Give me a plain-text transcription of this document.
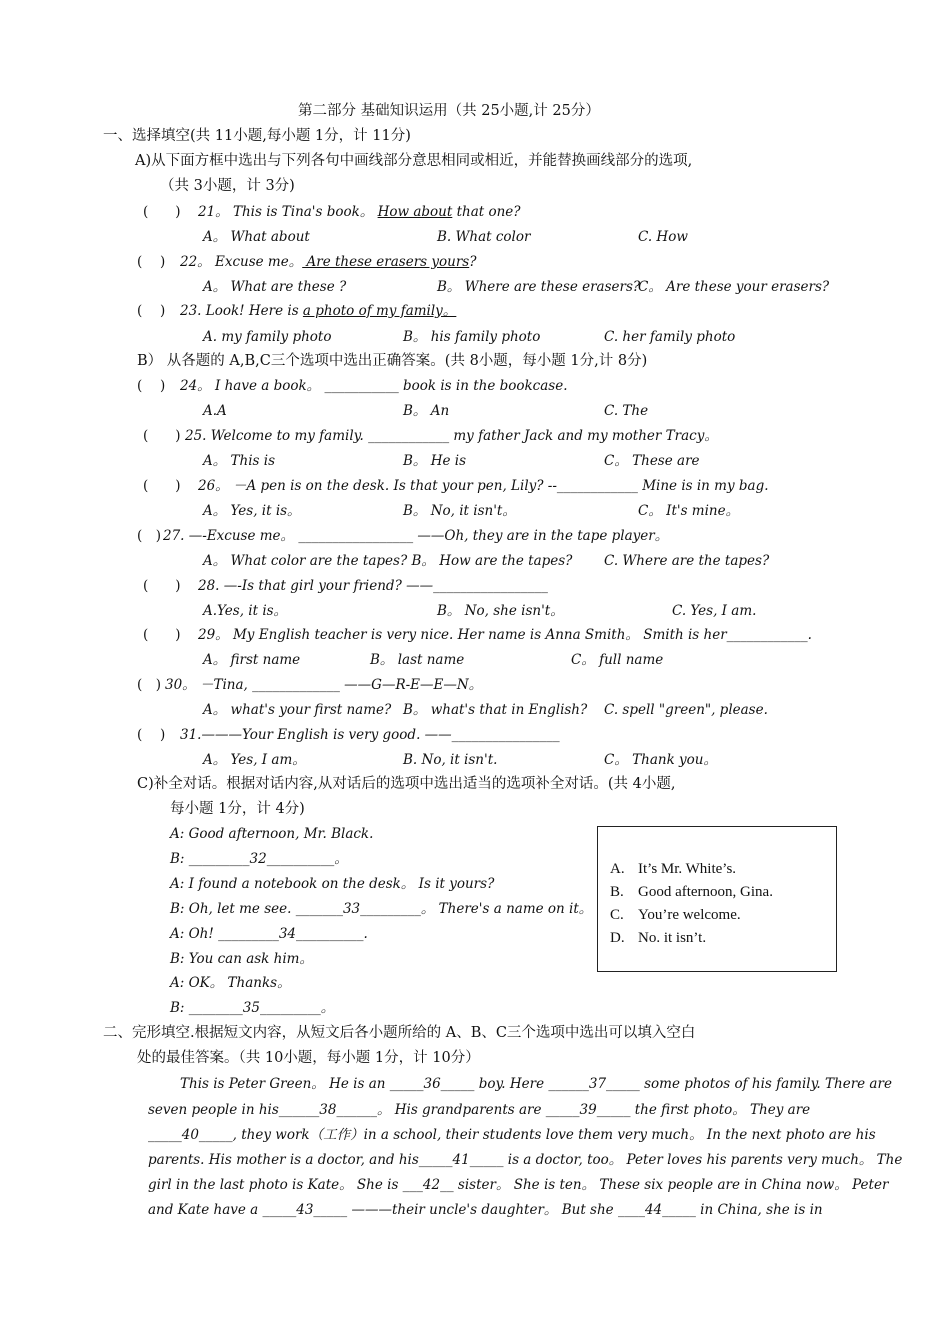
第二部分 基础知识运用（共 25小题,计 25分）
一、选择填空(共 11小题,每小题 1分，计 11分)
A)从下面方框中选出与下列各句中画线部分意思相同或相近，并能替换画线部分的选项,
（共 3小题，计 3分)
(　　) 21。 This is Tina's book。 How about that one?
A。 What about	B. What color	C. How
(　 ) 22。 Excuse me。 Are these erasers yours?
A。 What are these ?	B。 Where are these erasers?
C。 Are these your erasers?
(　 ) 23. Look! Here is a photo of my family。
A. my family photo	B。 his family photo	C. her family photo
B） 从各题的 A,B,C三个选项中选出正确答案。(共 8小题，每小题 1分,计 8分)
(　 ) 24。 I have a book。 ___________ book is in the bookcase.
A.A	B。 An	C. The
(　　) 25. Welcome to my family. ____________ my father Jack and my mother Tracy。
A。 This is	B。 He is	C。 These are
(　　) 26。 －A pen is on the desk. Is that your pen, Lily? --____________ Mine is in my bag.
A。 Yes, it is。	B。 No, it isn't。	C。 It's mine。
(　) 27. —-Excuse me。 _________________ ——Oh, they are in the tape player。
A。 What color are the tapes? B。 How are the tapes? C. Where are the tapes?
(　　) 28. —-Is that girl your friend? ——_________________
A.Yes, it is。	B。 No, she isn't。	C. Yes, I am.
(　　) 29。 My English teacher is very nice. Her name is Anna Smith。 Smith is her____________.
A。 first name	B。 last name	C。 full name
(　) 30。 －Tina, _____________ ——G—R-E—E—N。
A。 what's your first name? B。 what's that in English? C. spell "green", please.
(　 ) 31.———Your English is very good. ——________________
A。 Yes, I am。	B. No, it isn't.	C。 Thank you。
C)补全对话。根据对话内容,从对话后的选项中选出适当的选项补全对话。(共 4小题,
每小题 1分，计 4分)
A: Good afternoon, Mr. Black.
B: _________32__________。
A: I found a notebook on the desk。 Is it yours?
B: Oh, let me see. _______33_________。 There's a name on it。
A: Oh! _________34__________.
B: You can ask him。
A: OK。 Thanks。
B: ________35_________。
A. It’s Mr. White’s.
B. Good afternoon, Gina.
C. You’re welcome.
D. No. it isn’t.
二、完形填空.根据短文内容，从短文后各小题所给的 A、B、C三个选项中选出可以填入空白
处的最佳答案。（共 10小题，每小题 1分，计 10分）
This is Peter Green。 He is an _____36_____ boy. Here ______37_____ some photos of his family. There are
seven people in his______38______。 His grandparents are _____39_____ the first photo。 They are
_____40_____, they work（工作）in a school, their students love them very much。 In the next photo are his
parents. His mother is a doctor, and his_____41_____ is a doctor, too。 Peter loves his parents very much。 The
girl in the last photo is Kate。 She is ___42__ sister。 She is ten。 These six people are in China now。 Peter
and Kate have a _____43_____ ———their uncle's daughter。 But she ____44_____ in China, she is in
